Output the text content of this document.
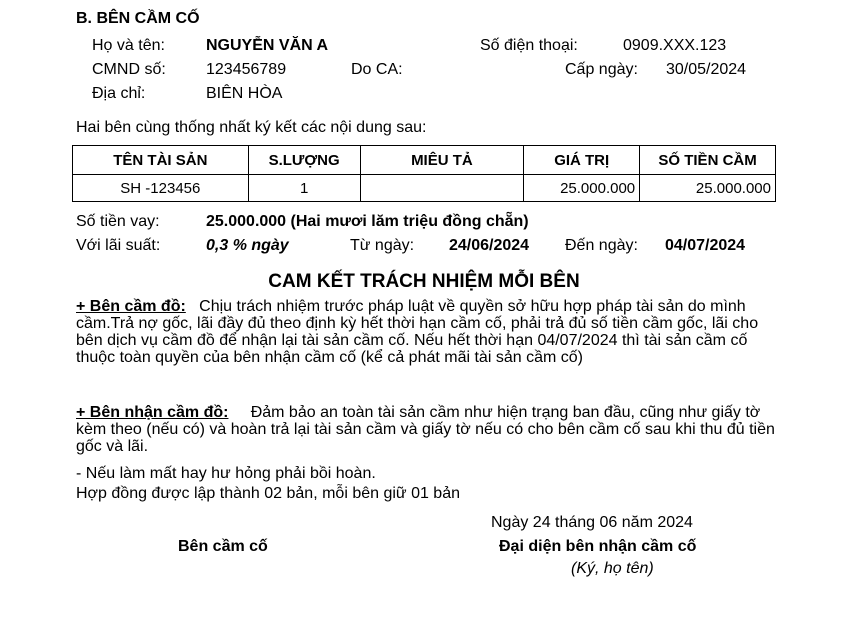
B. BÊN CẦM CỐ
Họ và tên:	NGUYỄN VĂN A	Số điện thoại:	0909.XXX.123
CMND số:	123456789	Do CA:	Cấp ngày: 30/05/2024
Địa chỉ:	BIÊN HÒA
Hai bên cùng thống nhất ký kết các nội dung sau:
TÊN TÀI SẢN	S.LƯỢNG	MIÊU TẢ	GIÁ TRỊ	SỐ TIỀN CẦM
SH -123456	1		25.000.000	25.000.000
Số tiền vay:	25.000.000 (Hai mươi lăm triệu đồng chẵn)
Với lãi suất:	0,3 % ngày	Từ ngày: 24/06/2024 Đến ngày: 04/07/2024
CAM KẾT TRÁCH NHIỆM MỖI BÊN
+ Bên cầm đồ: Chịu trách nhiệm trước pháp luật về quyền sở hữu hợp pháp tài sản do mình cầm.Trả nợ gốc, lãi đầy đủ theo định kỳ hết thời hạn cầm cố, phải trả đủ số tiền cầm gốc, lãi cho bên dịch vụ cầm đồ để nhận lại tài sản cầm cố. Nếu hết thời hạn 04/07/2024 thì tài sản cầm cố thuộc toàn quyền của bên nhận cầm cố (kể cả phát mãi tài sản cầm cố)
+ Bên nhận cầm đồ: Đảm bảo an toàn tài sản cầm như hiện trạng ban đầu, cũng như giấy tờ kèm theo (nếu có) và hoàn trả lại tài sản cầm và giấy tờ nếu có cho bên cầm cố sau khi thu đủ tiền gốc và lãi.
- Nếu làm mất hay hư hỏng phải bồi hoàn.
Hợp đồng được lập thành 02 bản, mỗi bên giữ 01 bản
Ngày 24 tháng 06 năm 2024
Bên cầm cố	Đại diện bên nhận cầm cố
(Ký, họ tên)
